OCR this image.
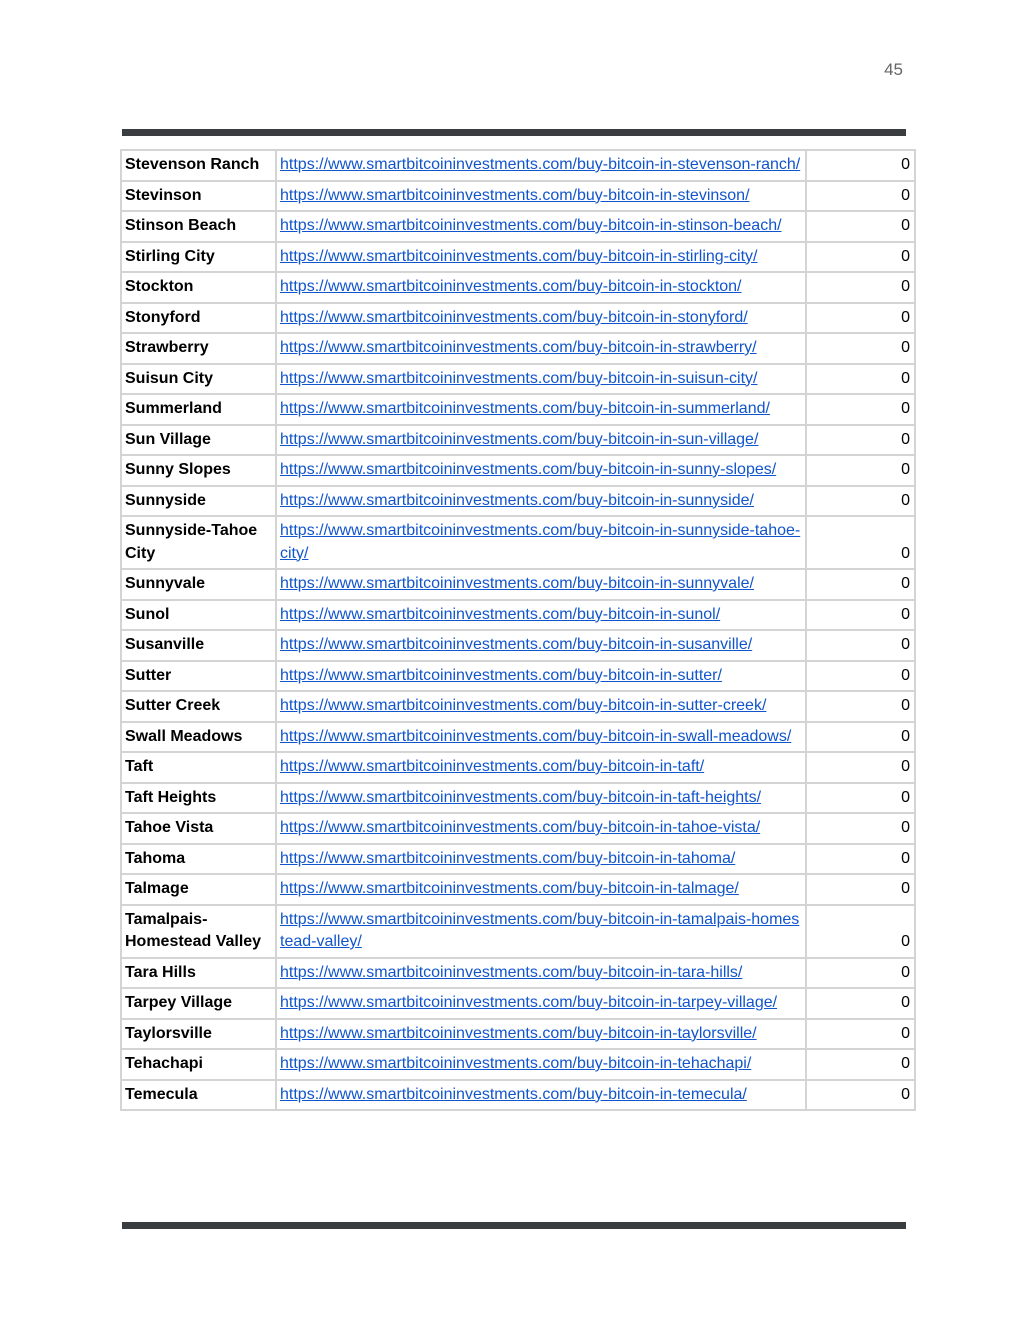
45
Stevenson Ranch	https://www.smartbitcoininvestments.com/buy-bitcoin-in-stevenson-ranch/	0
Stevinson	https://www.smartbitcoininvestments.com/buy-bitcoin-in-stevinson/	0
Stinson Beach	https://www.smartbitcoininvestments.com/buy-bitcoin-in-stinson-beach/	0
Stirling City	https://www.smartbitcoininvestments.com/buy-bitcoin-in-stirling-city/	0
Stockton	https://www.smartbitcoininvestments.com/buy-bitcoin-in-stockton/	0
Stonyford	https://www.smartbitcoininvestments.com/buy-bitcoin-in-stonyford/	0
Strawberry	https://www.smartbitcoininvestments.com/buy-bitcoin-in-strawberry/	0
Suisun City	https://www.smartbitcoininvestments.com/buy-bitcoin-in-suisun-city/	0
Summerland	https://www.smartbitcoininvestments.com/buy-bitcoin-in-summerland/	0
Sun Village	https://www.smartbitcoininvestments.com/buy-bitcoin-in-sun-village/	0
Sunny Slopes	https://www.smartbitcoininvestments.com/buy-bitcoin-in-sunny-slopes/	0
Sunnyside	https://www.smartbitcoininvestments.com/buy-bitcoin-in-sunnyside/	0
Sunnyside-Tahoe City	https://www.smartbitcoininvestments.com/buy-bitcoin-in-sunnyside-tahoe-city/	0
Sunnyvale	https://www.smartbitcoininvestments.com/buy-bitcoin-in-sunnyvale/	0
Sunol	https://www.smartbitcoininvestments.com/buy-bitcoin-in-sunol/	0
Susanville	https://www.smartbitcoininvestments.com/buy-bitcoin-in-susanville/	0
Sutter	https://www.smartbitcoininvestments.com/buy-bitcoin-in-sutter/	0
Sutter Creek	https://www.smartbitcoininvestments.com/buy-bitcoin-in-sutter-creek/	0
Swall Meadows	https://www.smartbitcoininvestments.com/buy-bitcoin-in-swall-meadows/	0
Taft	https://www.smartbitcoininvestments.com/buy-bitcoin-in-taft/	0
Taft Heights	https://www.smartbitcoininvestments.com/buy-bitcoin-in-taft-heights/	0
Tahoe Vista	https://www.smartbitcoininvestments.com/buy-bitcoin-in-tahoe-vista/	0
Tahoma	https://www.smartbitcoininvestments.com/buy-bitcoin-in-tahoma/	0
Talmage	https://www.smartbitcoininvestments.com/buy-bitcoin-in-talmage/	0
Tamalpais-Homestead Valley	https://www.smartbitcoininvestments.com/buy-bitcoin-in-tamalpais-homestead-valley/	0
Tara Hills	https://www.smartbitcoininvestments.com/buy-bitcoin-in-tara-hills/	0
Tarpey Village	https://www.smartbitcoininvestments.com/buy-bitcoin-in-tarpey-village/	0
Taylorsville	https://www.smartbitcoininvestments.com/buy-bitcoin-in-taylorsville/	0
Tehachapi	https://www.smartbitcoininvestments.com/buy-bitcoin-in-tehachapi/	0
Temecula	https://www.smartbitcoininvestments.com/buy-bitcoin-in-temecula/	0
